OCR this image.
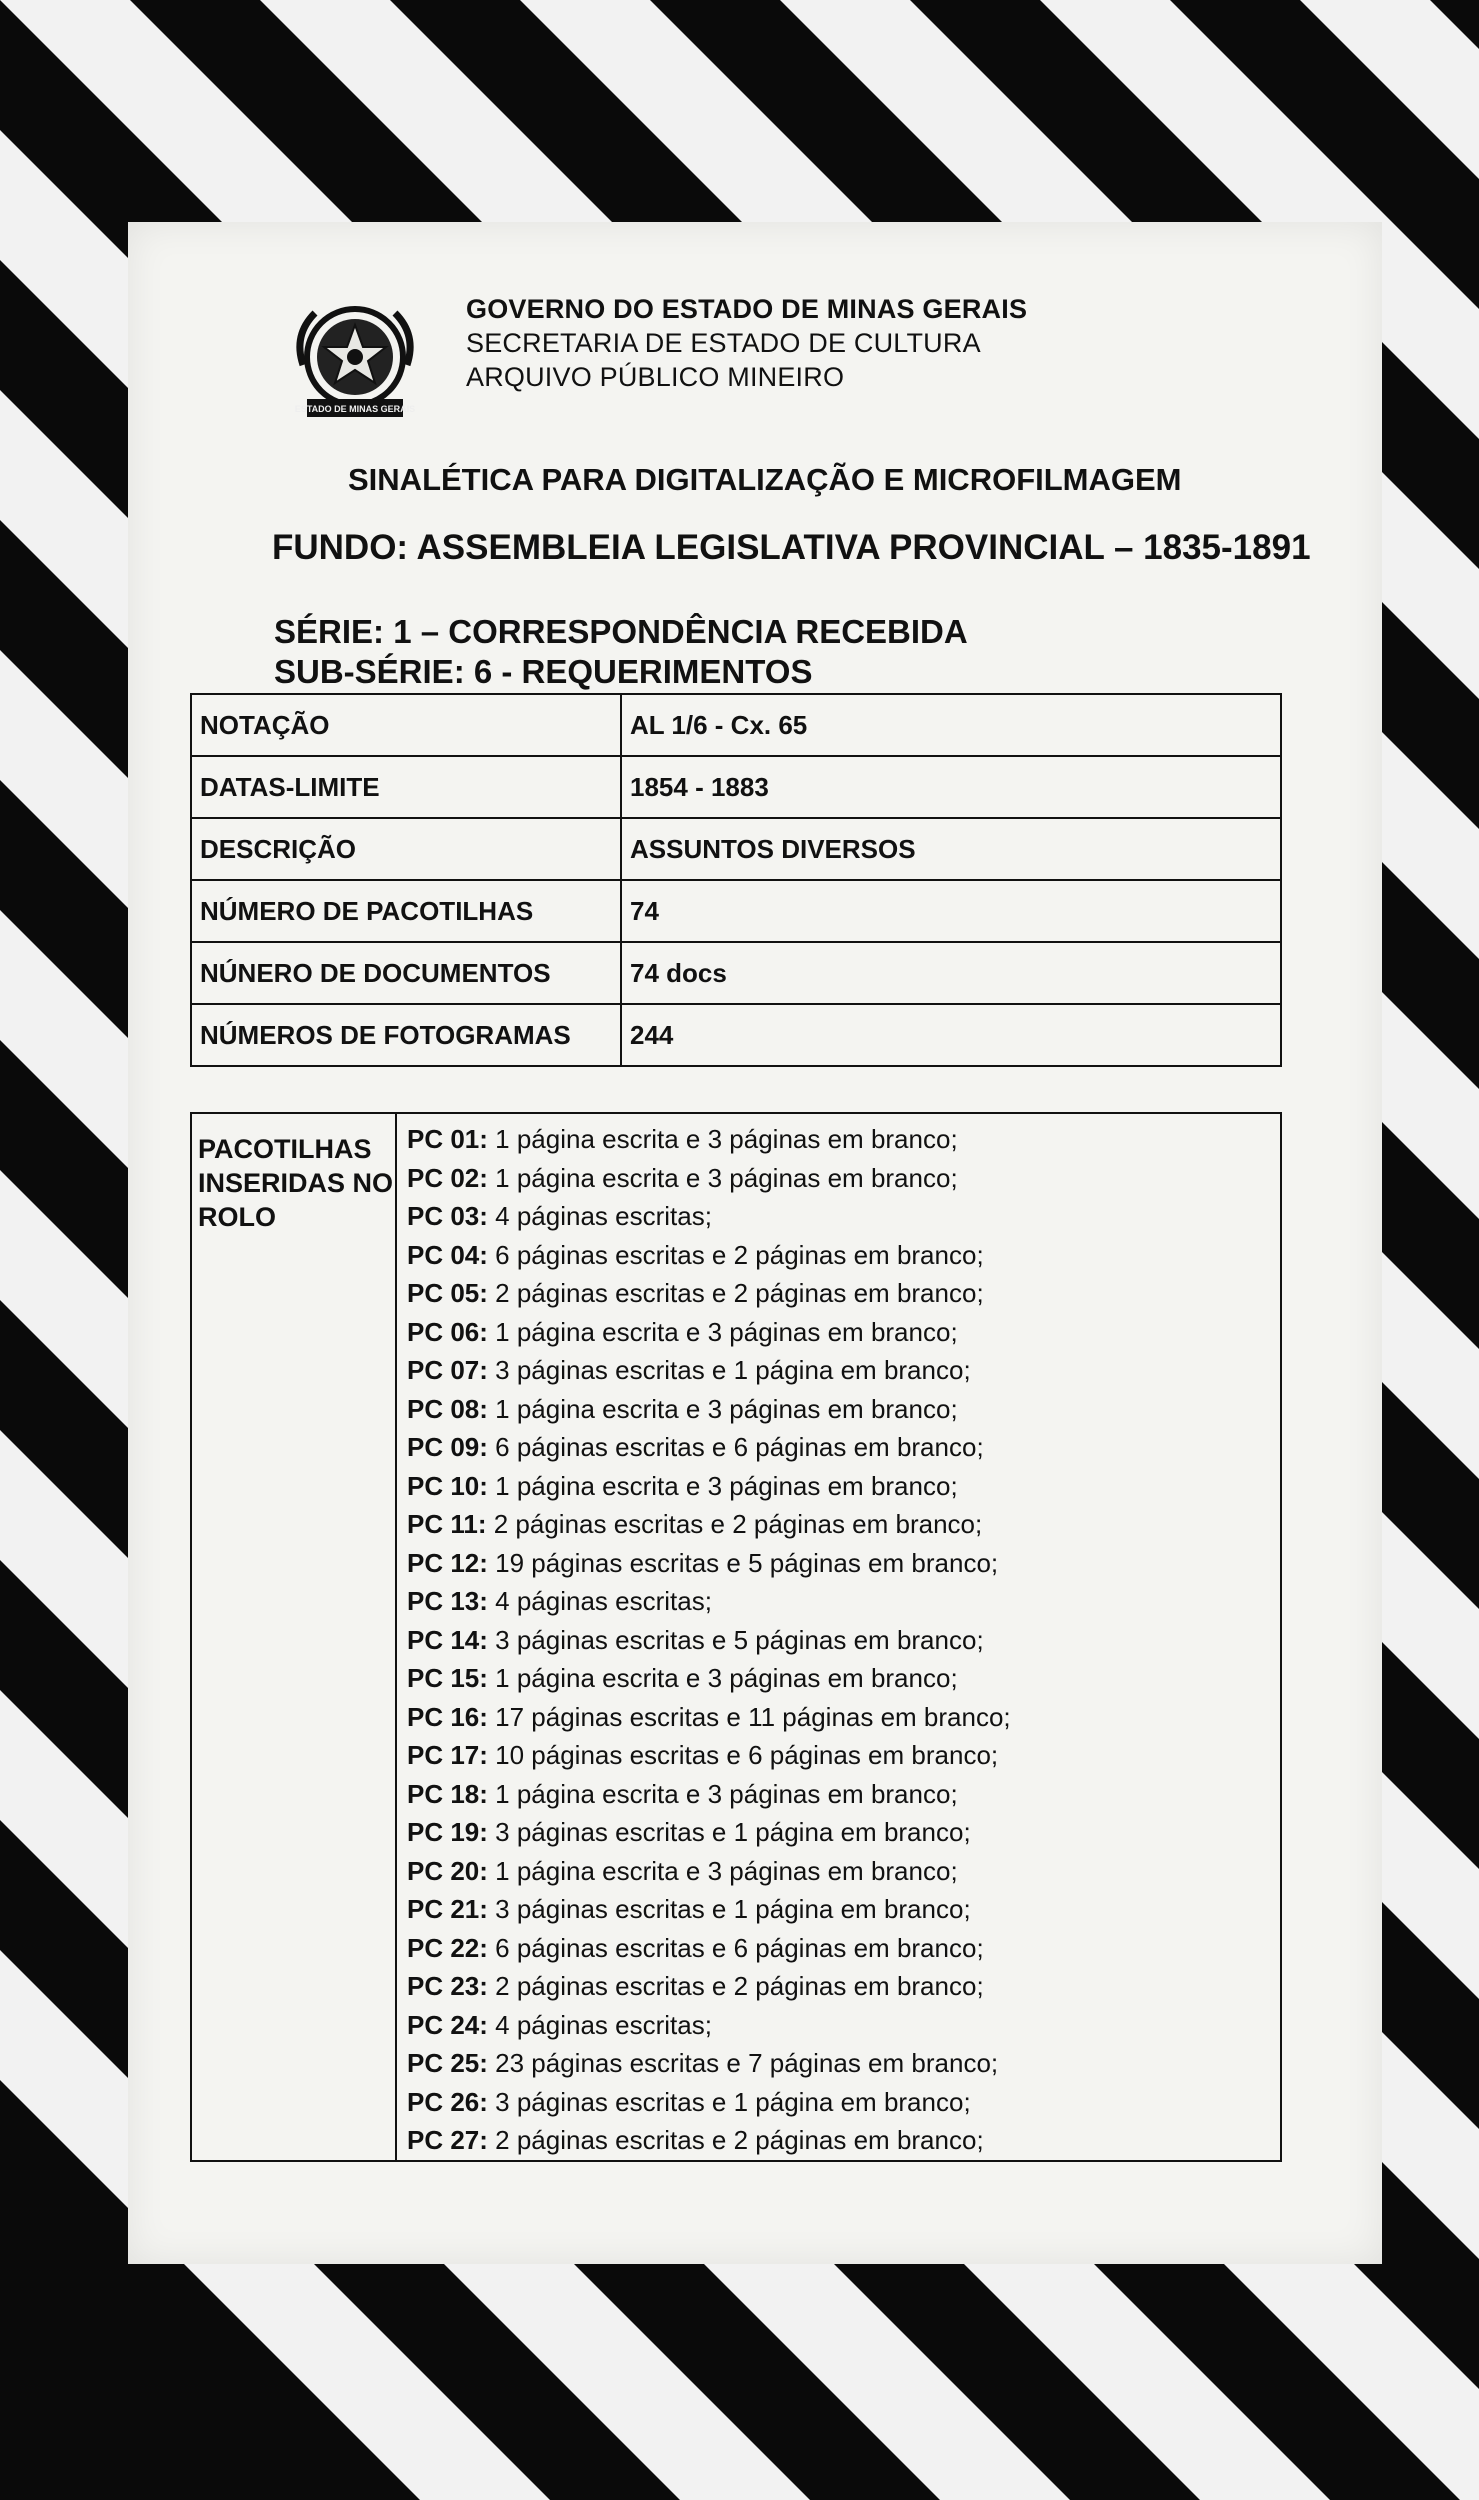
ESTADO DE MINAS GERAIS
GOVERNO DO ESTADO DE MINAS GERAIS
SECRETARIA DE ESTADO DE CULTURA
ARQUIVO PÚBLICO MINEIRO
SINALÉTICA PARA DIGITALIZAÇÃO E MICROFILMAGEM
FUNDO: ASSEMBLEIA LEGISLATIVA PROVINCIAL – 1835-1891
SÉRIE: 1 – CORRESPONDÊNCIA RECEBIDA
SUB-SÉRIE: 6 - REQUERIMENTOS
NOTAÇÃO	AL 1/6 - Cx. 65
DATAS-LIMITE	1854 - 1883
DESCRIÇÃO	ASSUNTOS DIVERSOS
NÚMERO DE PACOTILHAS	74
NÚNERO DE DOCUMENTOS	74 docs
NÚMEROS DE FOTOGRAMAS	244
PACOTILHAS INSERIDAS NO ROLO	
PC 01: 1 página escrita e 3 páginas em branco;
PC 02: 1 página escrita e 3 páginas em branco;
PC 03: 4 páginas escritas;
PC 04: 6 páginas escritas e 2 páginas em branco;
PC 05: 2 páginas escritas e 2 páginas em branco;
PC 06: 1 página escrita e 3 páginas em branco;
PC 07: 3 páginas escritas e 1 página em branco;
PC 08: 1 página escrita e 3 páginas em branco;
PC 09: 6 páginas escritas e 6 páginas em branco;
PC 10: 1 página escrita e 3 páginas em branco;
PC 11: 2 páginas escritas e 2 páginas em branco;
PC 12: 19 páginas escritas e 5 páginas em branco;
PC 13: 4 páginas escritas;
PC 14: 3 páginas escritas e 5 páginas em branco;
PC 15: 1 página escrita e 3 páginas em branco;
PC 16: 17 páginas escritas e 11 páginas em branco;
PC 17: 10 páginas escritas e 6 páginas em branco;
PC 18: 1 página escrita e 3 páginas em branco;
PC 19: 3 páginas escritas e 1 página em branco;
PC 20: 1 página escrita e 3 páginas em branco;
PC 21: 3 páginas escritas e 1 página em branco;
PC 22: 6 páginas escritas e 6 páginas em branco;
PC 23: 2 páginas escritas e 2 páginas em branco;
PC 24: 4 páginas escritas;
PC 25: 23 páginas escritas e 7 páginas em branco;
PC 26: 3 páginas escritas e 1 página em branco;
PC 27: 2 páginas escritas e 2 páginas em branco;
